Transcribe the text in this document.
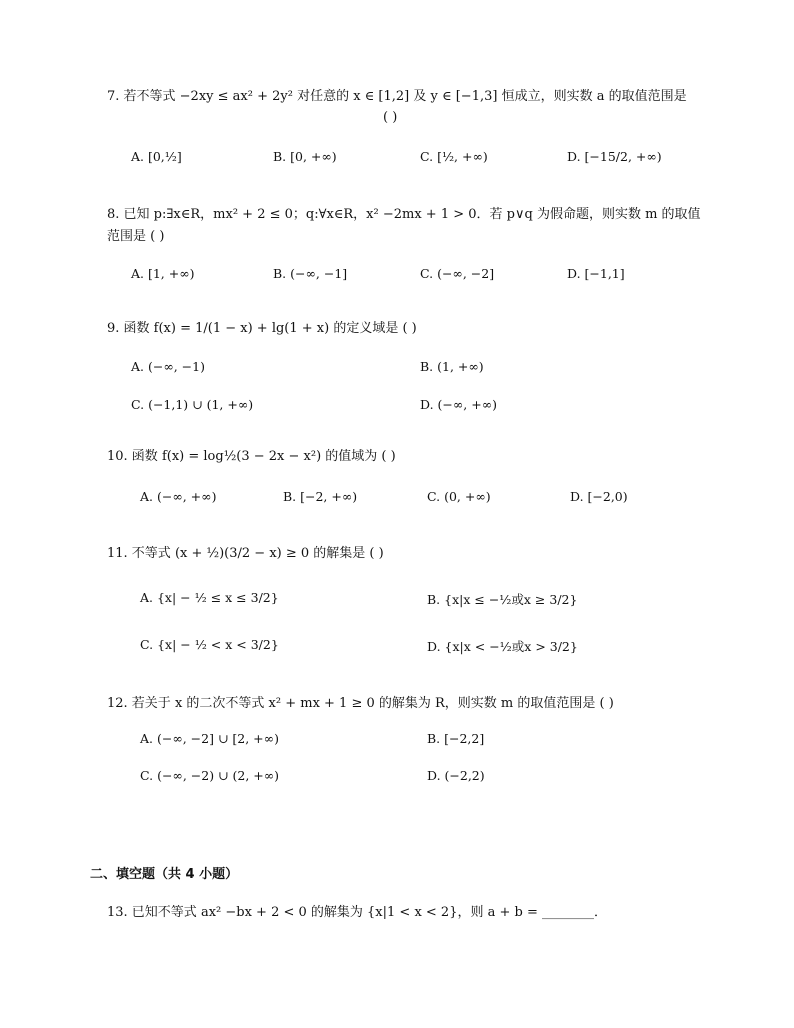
7. 若不等式 −2xy ≤ ax² + 2y² 对任意的 x ∈ [1,2] 及 y ∈ [−1,3] 恒成立，则实数 a 的取值范围是
A. [0,½]	B. [0, +∞)	C. [½, +∞)	D. [−15/2, +∞)
8. 已知 p:∃x∈R，mx² + 2 ≤ 0；q:∀x∈R，x² −2mx + 1 > 0．若 p∨q 为假命题，则实数 m 的取值范围是 ( )
A. [1, +∞)	B. (−∞, −1]	C. (−∞, −2]	D. [−1,1]
9. 函数 f(x) = 1/(1 − x) + lg(1 + x) 的定义域是 ( )
A. (−∞, −1)	B. (1, +∞)
C. (−1,1) ∪ (1, +∞)	D. (−∞, +∞)
10. 函数 f(x) = log½(3 − 2x − x²) 的值域为 ( )
A. (−∞, +∞)	B. [−2, +∞)	C. (0, +∞)	D. [−2,0)
11. 不等式 (x + ½)(3/2 − x) ≥ 0 的解集是 ( )
A. {x| − ½ ≤ x ≤ 3/2}	B. {x|x ≤ −½或x ≥ 3/2}
C. {x| − ½ < x < 3/2}	D. {x|x < −½或x > 3/2}
12. 若关于 x 的二次不等式 x² + mx + 1 ≥ 0 的解集为 R，则实数 m 的取值范围是 ( )
A. (−∞, −2] ∪ [2, +∞)	B. [−2,2]
C. (−∞, −2) ∪ (2, +∞)	D. (−2,2)
二、填空题（共 4 小题）
13. 已知不等式 ax² −bx + 2 < 0 的解集为 {x|1 < x < 2}，则 a + b = ________．
( )
